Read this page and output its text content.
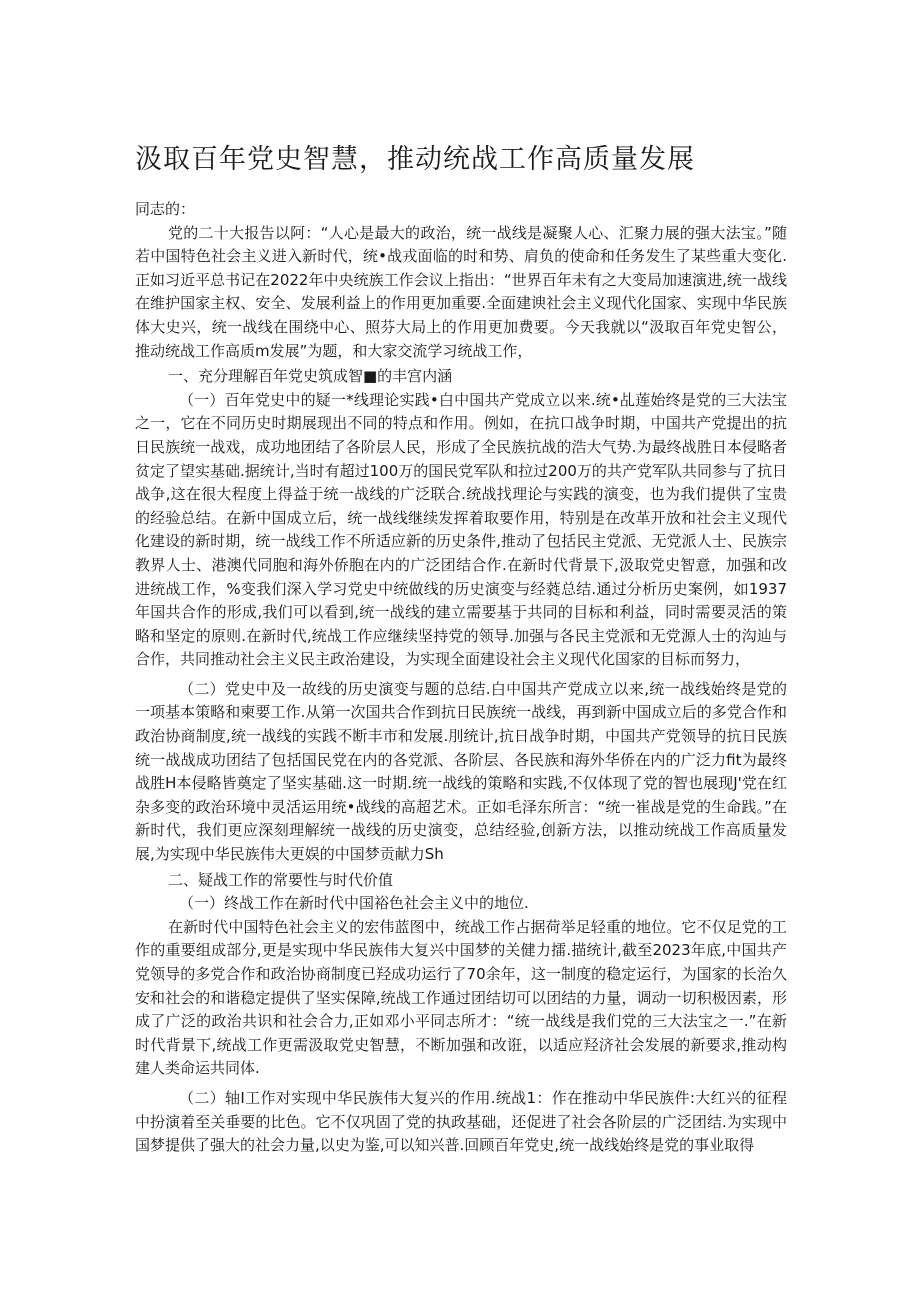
汲取百年党史智慧，推动统战工作高质量发展

同志的：

党的二十大报告以阿：“人心是最大的政治，统一战线是凝聚人心、汇聚力展的强大法宝。”随若中国特色社会主义进入新时代，统•战戎面临的时和势、肩负的使命和任务发生了某些重大变化.正如习近平总书记在2022年中央统族工作会议上指出：“世界百年未有之大变局加速演进,统一战线在维护国家主权、安全、发展利益上的作用更加重要.全面建谀社会主义现代化国家、实现中华民族体大史兴，统一战线在围绕中心、照芬大局上的作用更加费要。今天我就以“汲取百年党史智公，推动统战工作高质m发展”为题，和大家交流学习统战工作，

一、充分理解百年党史筑成智■的丰宫内涵

（一）百年党史中的疑一*线理论实践•白中国共产党成立以来.统•乩莲始终是党的三大法宝之一，它在不同历史时期展现出不同的特点和作用。例如，在抗口战争时期，中国共产党提出的抗日民族统一战戏，成功地团结了各阶层人民，形成了全民族抗战的浩大气势.为最终战胜日本侵略者贫定了望实基础.据统计,当时有超过100万的国民党军队和拉过200万的共产党军队共同参与了抗日战争,这在很大程度上得益于统一战线的广泛联合.统战找理论与实践的演变，也为我们提供了宝贵的经验总结。在新中国成立后，统一战线继续发挥着取要作用，特别是在改革开放和社会主义现代化建设的新时期，统一战线工作不所适应新的历史条件,推动了包括民主党派、无党派人士、民族宗教界人士、港澳代同胞和海外侨胞在内的广泛团结合作.在新时代背景下,汲取党史智意，加强和改进统战工作，%变我们深入学习党史中统做线的历史演变与经蕤总结.通过分析历史案例，如1937年国共合作的形成,我们可以看到,统一战线的建立需要基于共同的目标和利益，同时需要灵活的策略和坚定的原则.在新时代,统战工作应继续坚持党的领导.加强与各民主党派和无党源人士的沟辿与合作，共同推动社会主义民主政治建设，为实现全面建设社会主义现代化国家的目标而努力，

（二）党史中及一故线的历史演变与题的总结.白中国共产党成立以来,统一战线始终是党的一项基本策略和柬要工作.从第一次国共合作到抗日民族统一战线，再到新中国成立后的多党合作和政治协商制度,统一战线的实践不断丰市和发展.刖统计,抗日战争时期，中国共产党领导的抗日民族统一战战成功团结了包括国民党在内的各党派、各阶层、各民族和海外华侨在内的广泛力fit为最终战胜H本侵略皆奠定了坚实基础.这一时期.统一战线的策略和实践,不仅体现了党的智也展现J'党在红杂多变的政治环境中灵活运用统•战线的高超艺术。正如毛泽东所言：“统一崔战是党的生命践。”在新时代，我们更应深刻理解统一战线的历史演变，总结经验,创新方法，以推动统战工作高质量发展,为实现中华民族伟大更娱的中国梦贡献力Sh

二、疑战工作的常要性与时代价值

（一）终战工作在新时代中国裕色社会主义中的地位.

在新时代中国特色社会主义的宏伟蓝图中，统战工作占据荷举足轻重的地位。它不仅足党的工作的重要组成部分,更是实现中华民族伟大复兴中国梦的关健力擂.描统计,截至2023年底,中国共产党领导的多党合作和政治协商制度已羟成功运行了70余年，这一制度的稳定运行，为国家的长治久安和社会的和谐稳定提供了坚实保障,统战工作通过团结切可以团结的力量，调动一切积极因素，形成了广泛的政治共识和社会合力,正如邓小平同志所才：“统一战线是我们党的三大法宝之一.”在新时代背景下,统战工作更需汲取党史智慧，不断加强和改诳，以适应羟济社会发展的新要求,推动构建人类命运共同体.

（二）轴I工作对实现中华民族伟大复兴的作用.统战1：作在推动中华民族件:大红兴的征程中扮演着至关垂要的比色。它不仅巩固了党的执政基础，还促进了社会各阶层的广泛团结.为实现中国梦提供了强大的社会力量,以史为鉴,可以知兴普.回顾百年党史,统一战线始终是党的事业取得
